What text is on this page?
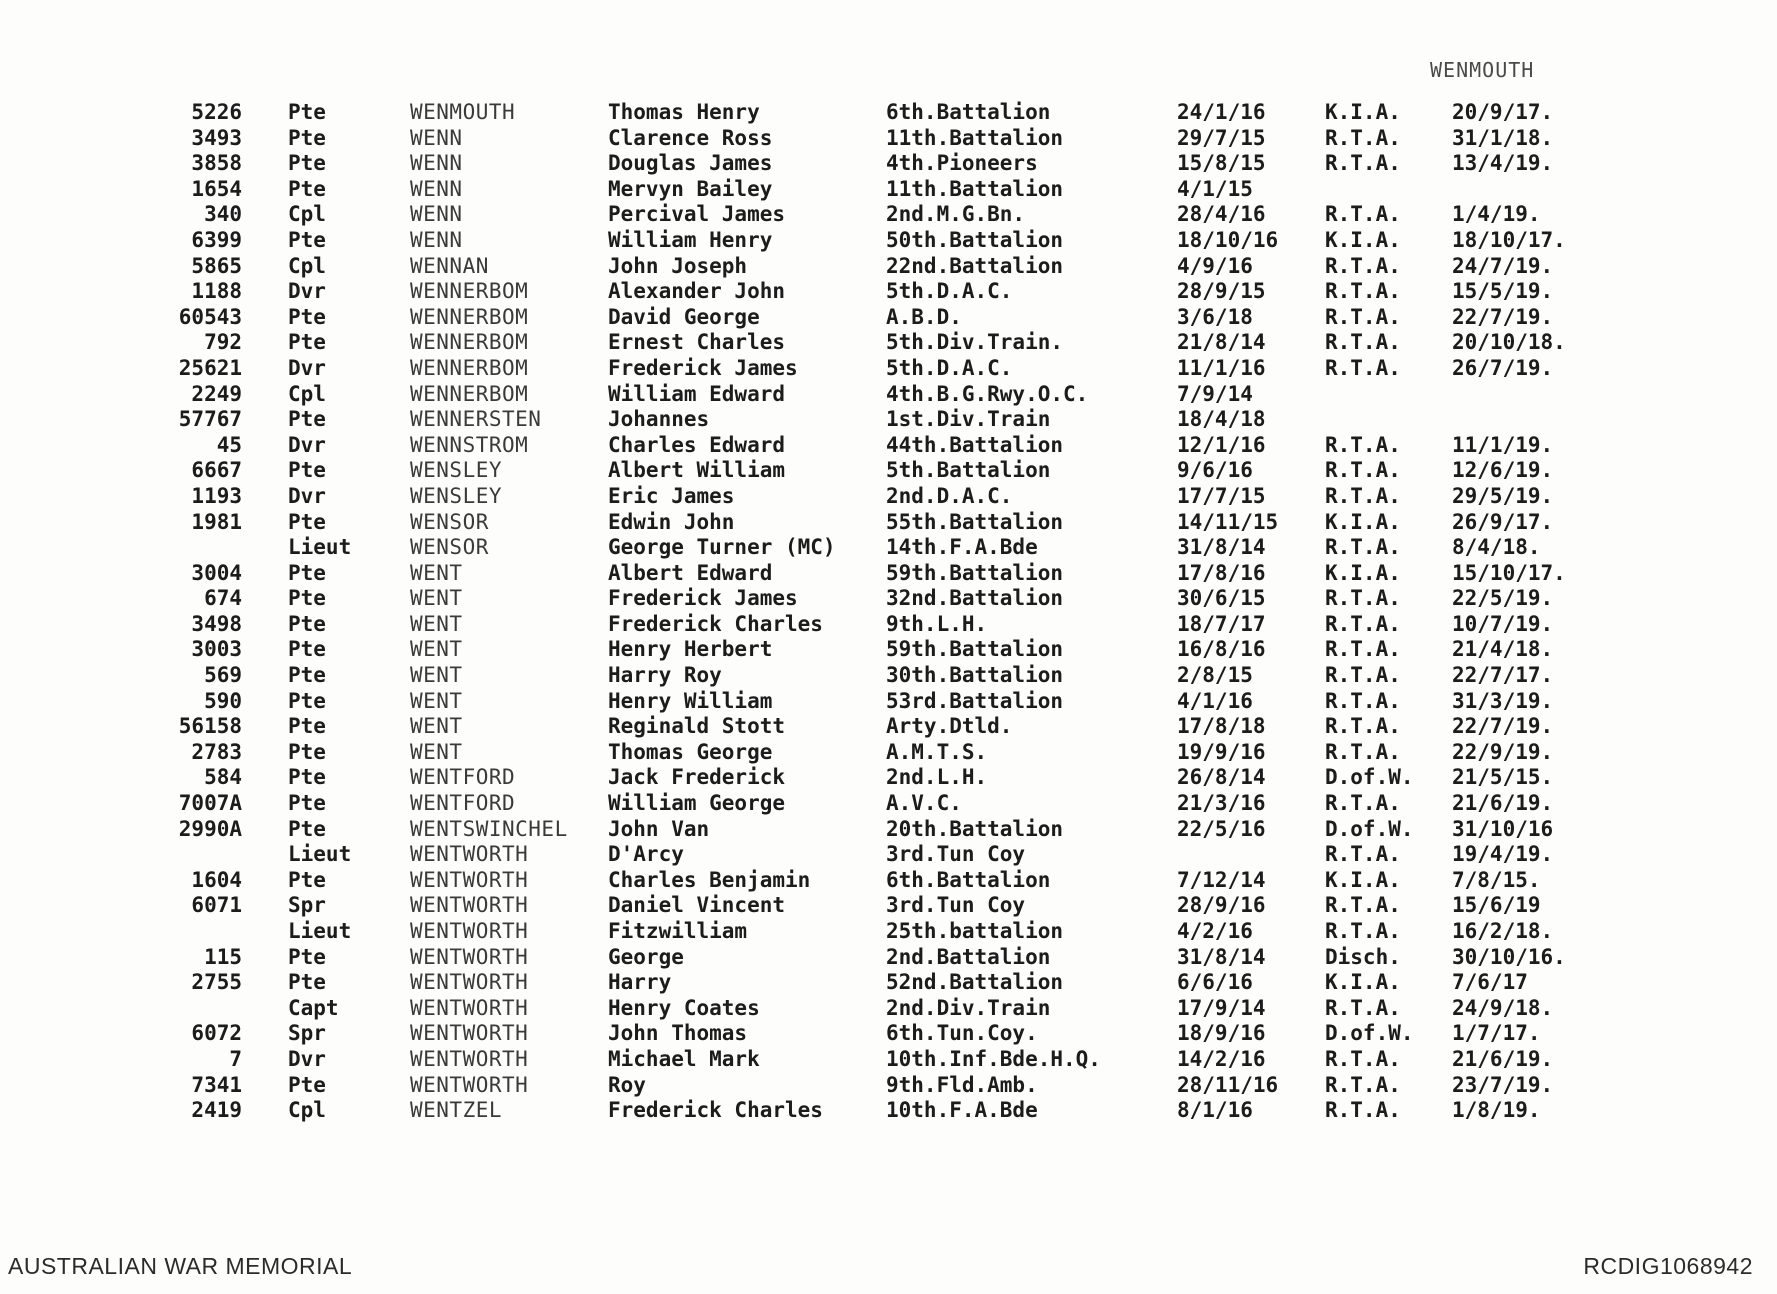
WENMOUTH
5226 Pte	WENMOUTH	Thomas Henry	6th.Battalion	24/1/16	K.I.A. 20/9/17.
3493 Pte	WENN	Clarence Ross	11th.Battalion	29/7/15	R.T.A. 31/1/18.
3858 Pte	WENN	Douglas James	4th.Pioneers	15/8/15	R.T.A. 13/4/19.
1654 Pte	WENN	Mervyn Bailey	11th.Battalion	4/1/15
340 Cpl	WENN	Percival James	2nd.M.G.Bn.	28/4/16	R.T.A. 1/4/19.
6399 Pte	WENN	William Henry	50th.Battalion	18/10/16 K.I.A. 18/10/17.
5865 Cpl	WENNAN	John Joseph	22nd.Battalion	4/9/16	R.T.A. 24/7/19.
1188 Dvr	WENNERBOM	Alexander John	5th.D.A.C.	28/9/15	R.T.A. 15/5/19.
60543 Pte	WENNERBOM	David George	A.B.D.	3/6/18	R.T.A. 22/7/19.
792 Pte	WENNERBOM	Ernest Charles	5th.Div.Train.	21/8/14	R.T.A. 20/10/18.
25621 Dvr	WENNERBOM	Frederick James	5th.D.A.C.	11/1/16	R.T.A. 26/7/19.
2249 Cpl	WENNERBOM	William Edward	4th.B.G.Rwy.O.C.	7/9/14
57767 Pte	WENNERSTEN	Johannes	1st.Div.Train	18/4/18
45 Dvr	WENNSTROM	Charles Edward	44th.Battalion	12/1/16	R.T.A. 11/1/19.
6667 Pte	WENSLEY	Albert William	5th.Battalion	9/6/16	R.T.A. 12/6/19.
1193 Dvr	WENSLEY	Eric James	2nd.D.A.C.	17/7/15	R.T.A. 29/5/19.
1981 Pte	WENSOR	Edwin John	55th.Battalion	14/11/15 K.I.A. 26/9/17.
Lieut	WENSOR	George Turner (MC) 14th.F.A.Bde	31/8/14	R.T.A. 8/4/18.
3004 Pte	WENT	Albert Edward	59th.Battalion	17/8/16	K.I.A. 15/10/17.
674 Pte	WENT	Frederick James	32nd.Battalion	30/6/15	R.T.A. 22/5/19.
3498 Pte	WENT	Frederick Charles	9th.L.H.	18/7/17	R.T.A. 10/7/19.
3003 Pte	WENT	Henry Herbert	59th.Battalion	16/8/16	R.T.A. 21/4/18.
569 Pte	WENT	Harry Roy	30th.Battalion	2/8/15	R.T.A. 22/7/17.
590 Pte	WENT	Henry William	53rd.Battalion	4/1/16	R.T.A. 31/3/19.
56158 Pte	WENT	Reginald Stott	Arty.Dtld.	17/8/18	R.T.A. 22/7/19.
2783 Pte	WENT	Thomas George	A.M.T.S.	19/9/16	R.T.A. 22/9/19.
584 Pte	WENTFORD	Jack Frederick	2nd.L.H.	26/8/14	D.of.W. 21/5/15.
7007A Pte	WENTFORD	William George	A.V.C.	21/3/16	R.T.A. 21/6/19.
2990A Pte	WENTSWINCHEL John Van	20th.Battalion	22/5/16	D.of.W. 31/10/16
Lieut	WENTWORTH	D'Arcy	3rd.Tun Coy	R.T.A. 19/4/19.
1604 Pte	WENTWORTH	Charles Benjamin	6th.Battalion	7/12/14	K.I.A. 7/8/15.
6071 Spr	WENTWORTH	Daniel Vincent	3rd.Tun Coy	28/9/16	R.T.A. 15/6/19
Lieut	WENTWORTH	Fitzwilliam	25th.battalion	4/2/16	R.T.A. 16/2/18.
115 Pte	WENTWORTH	George	2nd.Battalion	31/8/14	Disch. 30/10/16.
2755 Pte	WENTWORTH	Harry	52nd.Battalion	6/6/16	K.I.A. 7/6/17
Capt	WENTWORTH	Henry Coates	2nd.Div.Train	17/9/14	R.T.A. 24/9/18.
6072 Spr	WENTWORTH	John Thomas	6th.Tun.Coy.	18/9/16	D.of.W. 1/7/17.
7 Dvr	WENTWORTH	Michael Mark	10th.Inf.Bde.H.Q.	14/2/16	R.T.A. 21/6/19.
7341 Pte	WENTWORTH	Roy	9th.Fld.Amb.	28/11/16 R.T.A. 23/7/19.
2419 Cpl	WENTZEL	Frederick Charles	10th.F.A.Bde	8/1/16	R.T.A. 1/8/19.
AUSTRALIAN WAR MEMORIAL	RCDIG1068942
